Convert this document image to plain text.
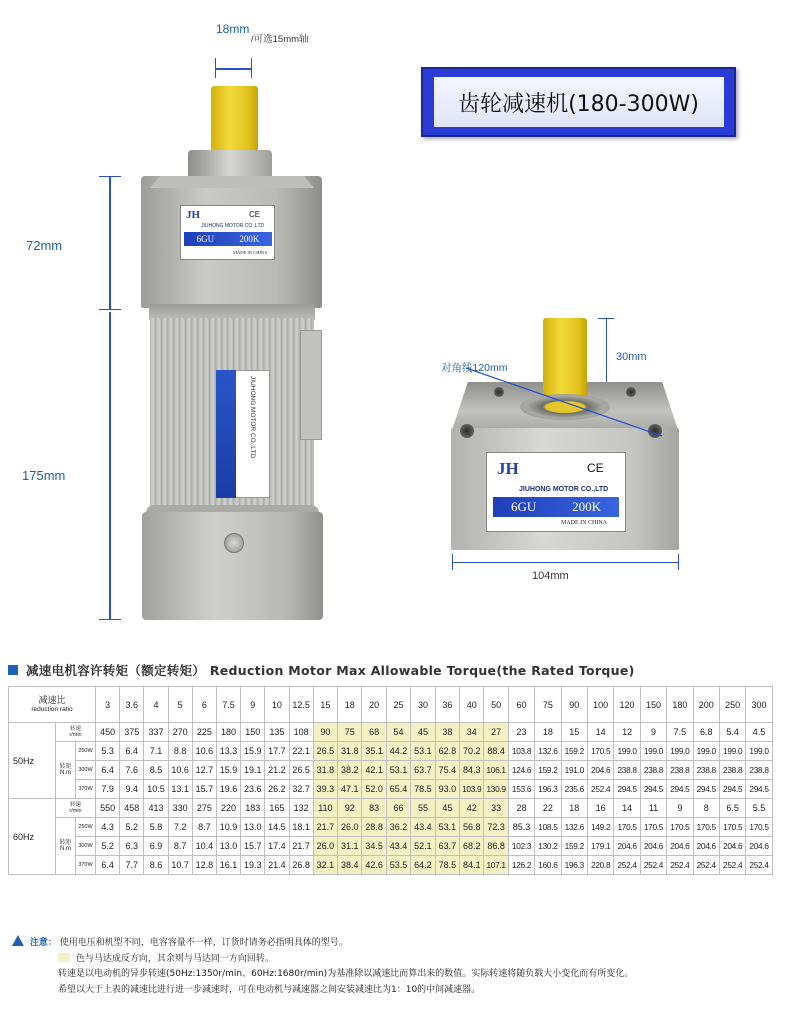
18mm
/可选15mm轴
72mm
175mm
JH	CE
JIUHONG MOTOR CO.,LTD
6GU	200K
MADE IN CHINA
JIUHONG MOTOR CO.,LTD
齿轮减速机(180-300W)
30mm
对角线120mm
JH	CE
JIUHONG MOTOR CO.,LTD
6GU	200K
MADE IN CHINA
104mm
减速电机容许转矩（额定转矩） Reduction Motor Max Allowable Torque(the Rated Torque)
减速比
reduction ratio			3	3.6	4	5	6	7.5	9	10	12.5	15	18	20	25	30	36	40	50	60	75	90	100	120	150	180	200	250	300
50Hz	转速
r/min		450	375	337	270	225	180	150	135	108	90	75	68	54	45	38	34	27	23	18	15	14	12	9	7.5	6.8	5.4	4.5

	转矩
N.m	250W	5.3	6.4	7.1	8.8	10.6	13.3	15.9	17.7	22.1	26.5	31.8	35.1	44.2	53.1	62.8	70.2	88.4	103.8	132.6	159.2	170.5	199.0	199.0	199.0	199.0	199.0	199.0
		300W	6.4	7.6	8.5	10.6	12.7	15.9	19.1	21.2	26.5	31.8	38.2	42.1	53.1	63.7	75.4	84.3	106.1	124.6	159.2	191.0	204.6	238.8	238.8	238.8	238.8	238.8	238.8
		370W	7.9	9.4	10.5	13.1	15.7	19.6	23.6	26.2	32.7	39.3	47.1	52.0	65.4	78.5	93.0	103.9	130.9	153.6	196.3	235.6	252.4	294.5	294.5	294.5	294.5	294.5	294.5
60Hz	转速
r/min		550	458	413	330	275	220	183	165	132	110	92	83	66	55	45	42	33	28	22	18	16	14	11	9	8	6.5	5.5

	转矩
N.m	250W	4.3	5.2	5.8	7.2	8.7	10.9	13.0	14.5	18.1	21.7	26.0	28.8	36.2	43.4	53.1	56.8	72.3	85.3	108.5	132.6	149.2	170.5	170.5	170.5	170.5	170.5	170.5
		300W	5.2	6.3	6.9	8.7	10.4	13.0	15.7	17.4	21.7	26.0	31.1	34.5	43.4	52.1	63.7	68.2	86.8	102.3	130.2	159.2	179.1	204.6	204.6	204.6	204.6	204.6	204.6
		370W	6.4	7.7	8.6	10.7	12.8	16.1	19.3	21.4	26.8	32.1	38.4	42.6	53.5	64.2	78.5	84.1	107.1	126.2	160.6	196.3	220.8	252.4	252.4	252.4	252.4	252.4	252.4
! 注意： 使用电压和机型不同，电容容量不一样，订货时请务必指明具体的型号。
色与马达成反方向，其余则与马达同一方向回转。
转速是以电动机的异步转速(50Hz:1350r/min、60Hz:1680r/min)为基准除以减速比而算出来的数值。实际转速将随负载大小变化而有所变化。
希望以大于上表的减速比进行进一步减速时，可在电动机与减速器之间安装减速比为1：10的中间减速器。
